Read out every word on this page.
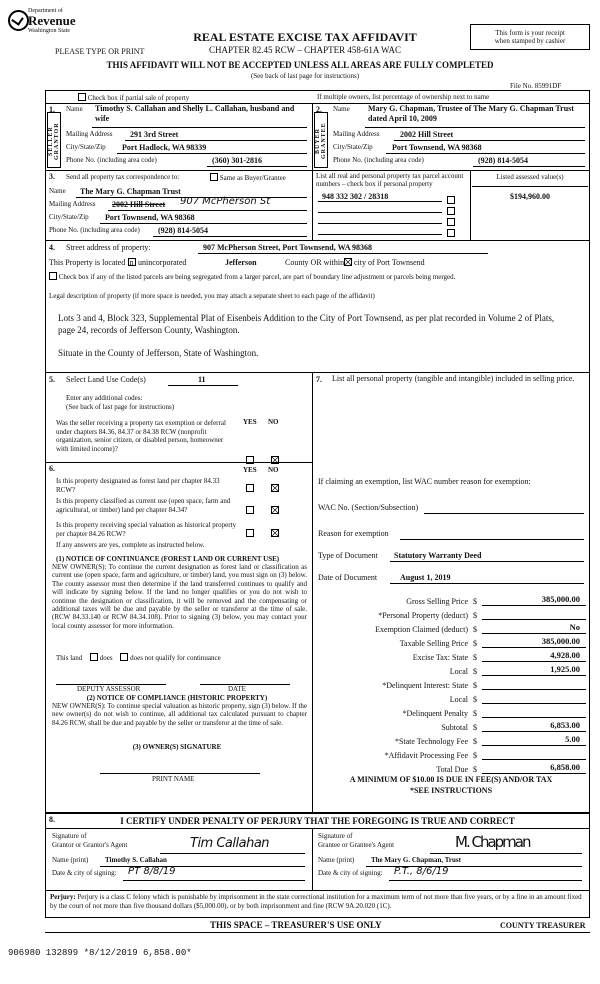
Department of
Revenue
Washington State
PLEASE TYPE OR PRINT
REAL ESTATE EXCISE TAX AFFIDAVIT
CHAPTER 82.45 RCW – CHAPTER 458-61A WAC
THIS AFFIDAVIT WILL NOT BE ACCEPTED UNLESS ALL AREAS ARE FULLY COMPLETED
(See back of last page for instructions)
This form is your receipt
when stamped by cashier
File No. 85991DF
Check box if partial sale of property	If multiple owners, list percentage of ownership next to name
1.
SELLER GRANTOR
Name Timothy S. Callahan and Shelly L. Callahan, husband and wife
Mailing Address 291 3rd Street
City/State/Zip Port Hadlock, WA 98339
Phone No. (including area code)	(360) 301-2816
2.
BUYER GRANTEE
Name Mary G. Chapman, Trustee of The Mary G. Chapman Trust dated April 10, 2009
Mailing Address	2002 Hill Street
City/State/Zip Port Townsend, WA 98368
Phone No. (including area code)	(928) 814-5054
3. Send all property tax correspondence to:	Same as Buyer/Grantee
Name The Mary G. Chapman Trust
Mailing Address 2002 Hill Street 907 McPherson St
City/State/Zip Port Townsend, WA 98368
Phone No. (including area code) (928) 814-5054
List all real and personal property tax parcel account
numbers – check box if personal property
Listed assessed value(s)
948 332 302 / 28318	$194,960.00
4. Street address of property:	907 McPherson Street, Port Townsend, WA 98368
This Property is located in unincorporated	Jefferson	County OR within	city of Port Townsend
Check box if any of the listed parcels are being segregated from a larger parcel, are part of boundary line adjustment or parcels being merged.
Legal description of property (if more space is needed, you may attach a separate sheet to each page of the affidavit)
Lots 3 and 4, Block 323, Supplemental Plat of Eisenbeis Addition to the City of Port Townsend, as per plat recorded in Volume 2 of Plats, page 24, records of Jefferson County, Washington.
Situate in the County of Jefferson, State of Washington.
5. Select Land Use Code(s)	11
Enter any additional codes:
(See back of last page for instructions)
YES NO
Was the seller receiving a property tax exemption or deferral under chapters 84.36, 84.37 or 84.38 RCW (nonprofit organization, senior citizen, or disabled person, homeowner with limited income)?
6.	YES NO
Is this property designated as forest land per chapter 84.33 RCW?
Is this property classified as current use (open space, farm and agricultural, or timber) land per chapter 84.34?
Is this property receiving special valuation as historical property per chapter 84.26 RCW?
If any answers are yes, complete as instructed below.
(1) NOTICE OF CONTINUANCE (FOREST LAND OR CURRENT USE)
NEW OWNER(S): To continue the current designation as forest land or classification as current use (open space, farm and agriculture, or timber) land, you must sign on (3) below. The county assessor must then determine if the land transferred continues to qualify and will indicate by signing below. If the land no longer qualifies or you do not wish to continue the designation or classification, it will be removed and the compensating or additional taxes will be due and payable by the seller or transferor at the time of sale. (RCW 84.33.140 or RCW 84.34.108). Prior to signing (3) below, you may contact your local county assessor for more information.
This land	does	does not qualify for continuance
DEPUTY ASSESSOR	DATE
(2) NOTICE OF COMPLIANCE (HISTORIC PROPERTY)
NEW OWNER(S): To continue special valuation as historic property, sign (3) below. If the new owner(s) do not wish to continue, all additional tax calculated pursuant to chapter 84.26 RCW, shall be due and payable by the seller or transferor at the time of sale.
(3) OWNER(S) SIGNATURE
PRINT NAME
7. List all personal property (tangible and intangible) included in selling price.
If claiming an exemption, list WAC number reason for exemption:
WAC No. (Section/Subsection)
Reason for exemption
Type of Document Statutory Warranty Deed
Date of Document	August 1, 2019
Gross Selling Price $	385,000.00
*Personal Property (deduct) $
Exemption Claimed (deduct) $	No
Taxable Selling Price $	385,000.00
Excise Tax: State $	4,928.00
Local $	1,925.00
*Delinquent Interest: State $
Local $
*Delinquent Penalty $
Subtotal $	6,853.00
*State Technology Fee $	5.00
*Affidavit Processing Fee $
Total Due $	6,858.00
A MINIMUM OF $10.00 IS DUE IN FEE(S) AND/OR TAX
*SEE INSTRUCTIONS
8.	I CERTIFY UNDER PENALTY OF PERJURY THAT THE FOREGOING IS TRUE AND CORRECT
Signature of
Grantor or Grantor's Agent	Tim Callahan
Name (print) Timothy S. Callahan
Date & city of signing: PT 8/8/19
Signature of
Grantee or Grantee's Agent	M. Chapman
Name (print) The Mary G. Chapman, Trust
Date & city of signing: P.T., 8/6/19
Perjury: Perjury is a class C felony which is punishable by imprisonment in the state correctional institution for a maximum term of not more than five years, or by a fine in an amount fixed by the court of not more than five thousand dollars ($5,000.00), or by both imprisonment and fine (RCW 9A.20.020 (1C).
THIS SPACE – TREASURER'S USE ONLY	COUNTY TREASURER
906980 132899 *8/12/2019 6,858.00*
